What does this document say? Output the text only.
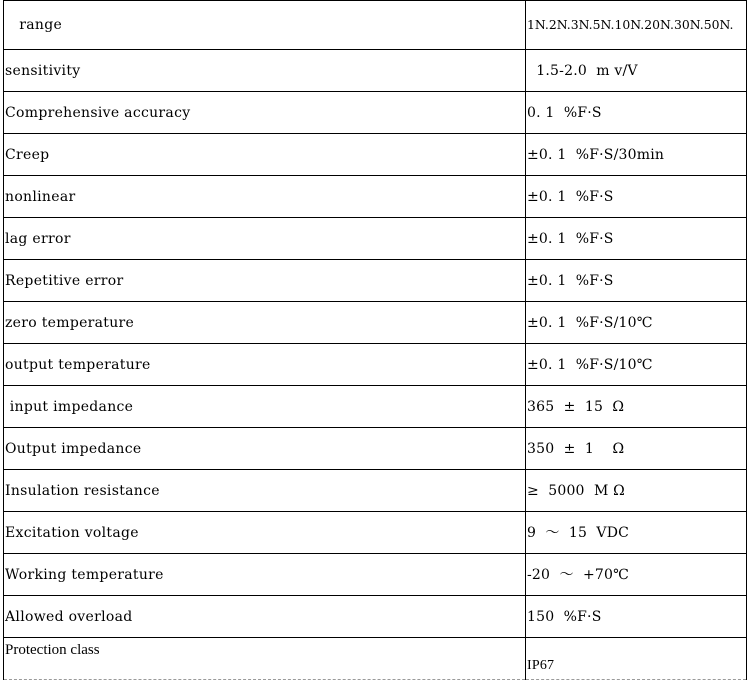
range	1N.2N.3N.5N.10N.20N.30N.50N.
sensitivity	1.5-2.0  m v/V
Comprehensive accuracy	0. 1  %F·S
Creep	±0. 1  %F·S/30min
nonlinear	±0. 1  %F·S
lag error	±0. 1  %F·S
Repetitive error	±0. 1  %F·S
zero temperature	±0. 1  %F·S/10℃
output temperature	±0. 1  %F·S/10℃
input impedance	365  ±  15  Ω
Output impedance	350  ±  1    Ω
Insulation resistance	≥  5000  M Ω
Excitation voltage	9  ～  15  VDC
Working temperature	-20  ～  +70℃
Allowed overload	150  %F·S
Protection class	IP67
